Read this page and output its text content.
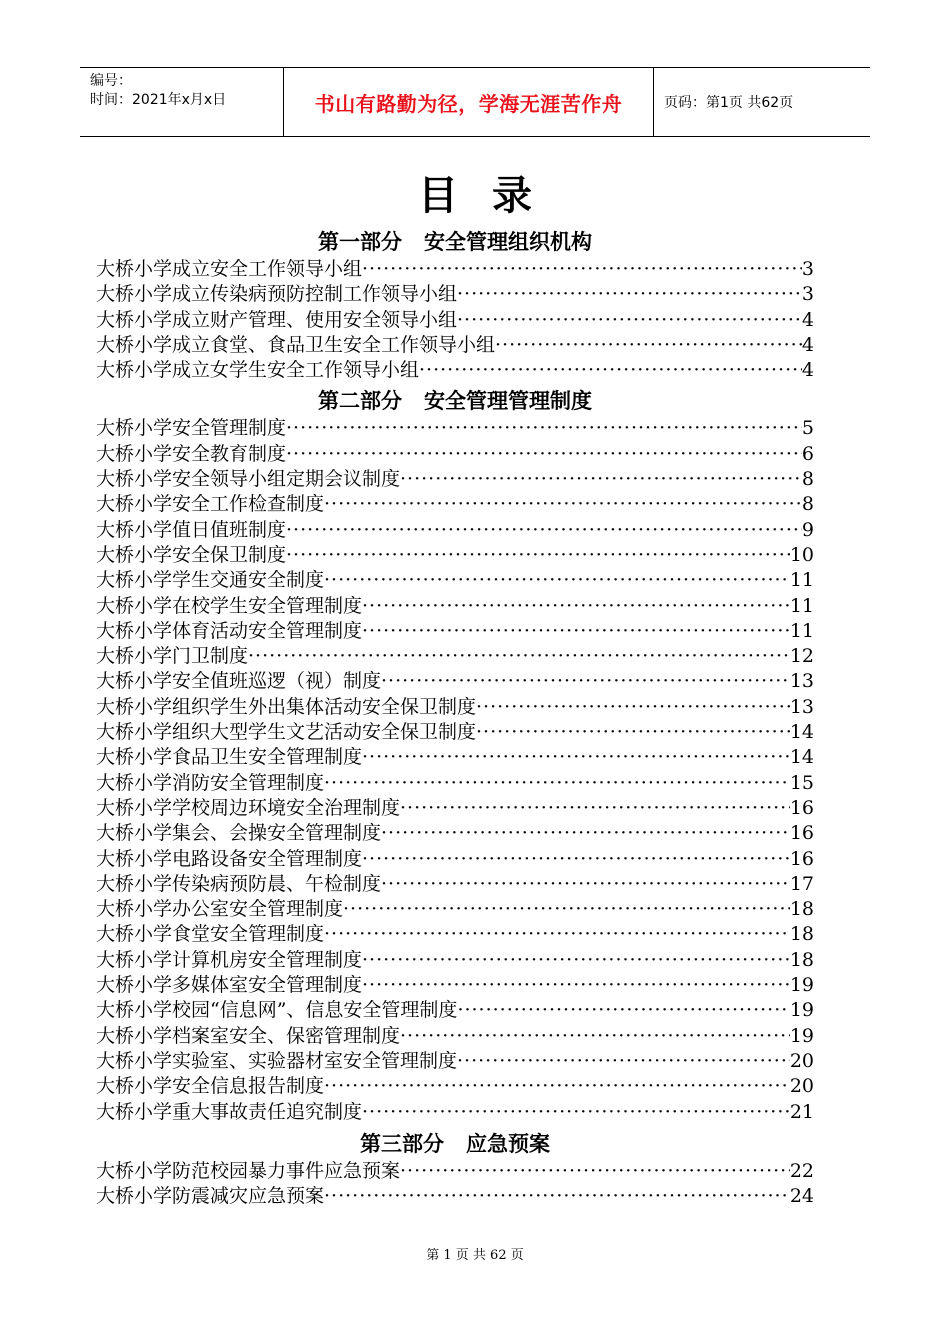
编号：
时间：2021年x月x日	书山有路勤为径，学海无涯苦作舟	页码：第1页 共62页
目录
第一部分   安全管理组织机构
大桥小学成立安全工作领导小组 ·····	3
大桥小学成立传染病预防控制工作领导小组 ·····	3
大桥小学成立财产管理、使用安全领导小组 ·····	4
大桥小学成立食堂、食品卫生安全工作领导小组 ·····	4
大桥小学成立女学生安全工作领导小组 ·····	4
第二部分   安全管理管理制度
大桥小学安全管理制度 ·····	5
大桥小学安全教育制度 ·····	6
大桥小学安全领导小组定期会议制度 ·····	8
大桥小学安全工作检查制度 ·····	8
大桥小学值日值班制度 ·····	9
大桥小学安全保卫制度 ·····	10
大桥小学学生交通安全制度 ·····	11
大桥小学在校学生安全管理制度 ·····	11
大桥小学体育活动安全管理制度 ·····	11
大桥小学门卫制度 ·····	12
大桥小学安全值班巡逻（视）制度 ·····	13
大桥小学组织学生外出集体活动安全保卫制度 ·····	13
大桥小学组织大型学生文艺活动安全保卫制度 ·····	14
大桥小学食品卫生安全管理制度 ·····	14
大桥小学消防安全管理制度 ·····	15
大桥小学学校周边环境安全治理制度 ·····	16
大桥小学集会、会操安全管理制度 ·····	16
大桥小学电路设备安全管理制度 ·····	16
大桥小学传染病预防晨、午检制度 ·····	17
大桥小学办公室安全管理制度 ·····	18
大桥小学食堂安全管理制度 ·····	18
大桥小学计算机房安全管理制度 ·····	18
大桥小学多媒体室安全管理制度 ·····	19
大桥小学校园“信息网”、信息安全管理制度 ·····	19
大桥小学档案室安全、保密管理制度 ·····	19
大桥小学实验室、实验器材室安全管理制度 ·····	20
大桥小学安全信息报告制度 ·····	20
大桥小学重大事故责任追究制度 ·····	21
第三部分   应急预案
大桥小学防范校园暴力事件应急预案 ·····	22
大桥小学防震减灾应急预案 ·····	24
第 1 页 共 62 页
